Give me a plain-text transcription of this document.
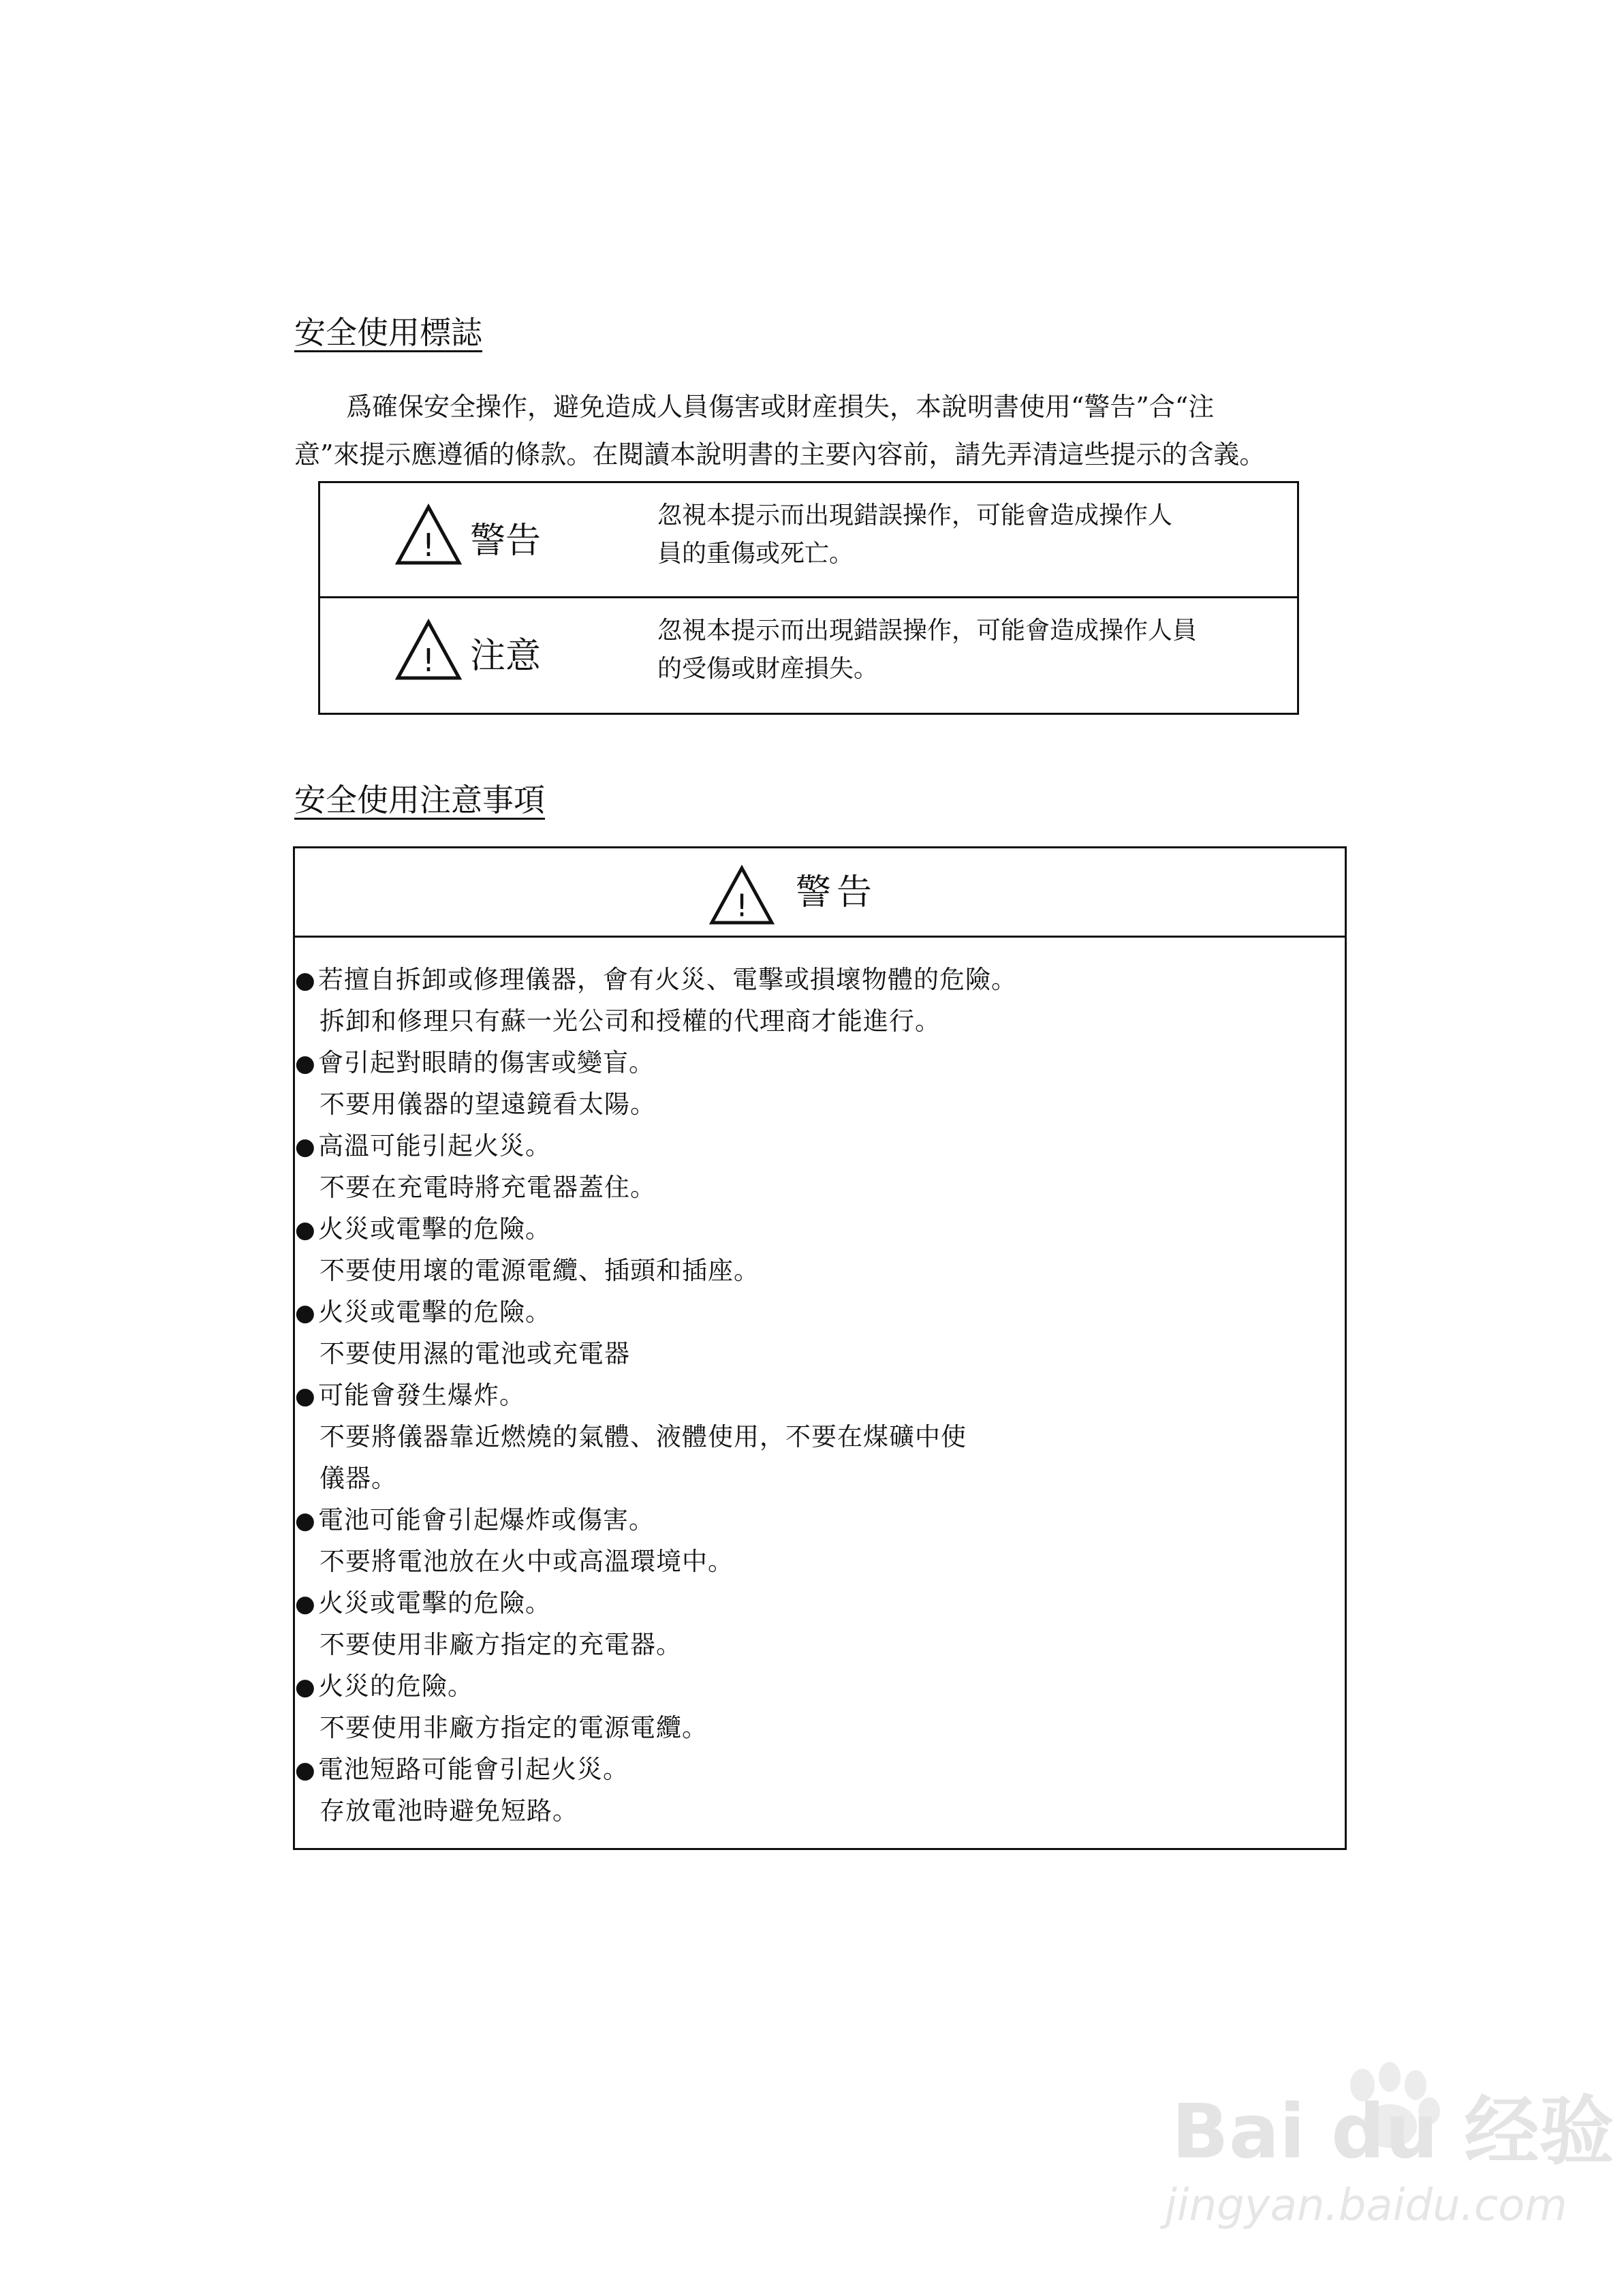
安全使用標誌

爲確保安全操作，避免造成人員傷害或財産損失，本說明書使用“警告”合“注
意”來提示應遵循的條款。在閱讀本說明書的主要內容前，請先弄清這些提示的含義。

! 警告
忽視本提示而出現錯誤操作，可能會造成操作人
員的重傷或死亡。
! 注意
忽視本提示而出現錯誤操作，可能會造成操作人員
的受傷或財産損失。
安全使用注意事項
! 警告
●若擅自拆卸或修理儀器，會有火災、電擊或損壞物體的危險。
拆卸和修理只有蘇一光公司和授權的代理商才能進行。
●會引起對眼睛的傷害或變盲。
不要用儀器的望遠鏡看太陽。
●高溫可能引起火災。
不要在充電時將充電器蓋住。
●火災或電擊的危險。
不要使用壞的電源電纜、插頭和插座。
●火災或電擊的危險。
不要使用濕的電池或充電器
●可能會發生爆炸。
不要將儀器靠近燃燒的氣體、液體使用，不要在煤礦中使
儀器。
●電池可能會引起爆炸或傷害。
不要將電池放在火中或高溫環境中。
●火災或電擊的危險。
不要使用非廠方指定的充電器。
●火災的危險。
不要使用非廠方指定的電源電纜。
●電池短路可能會引起火災。
存放電池時避免短路。
Bai du 经验
jingyan.baidu.com
